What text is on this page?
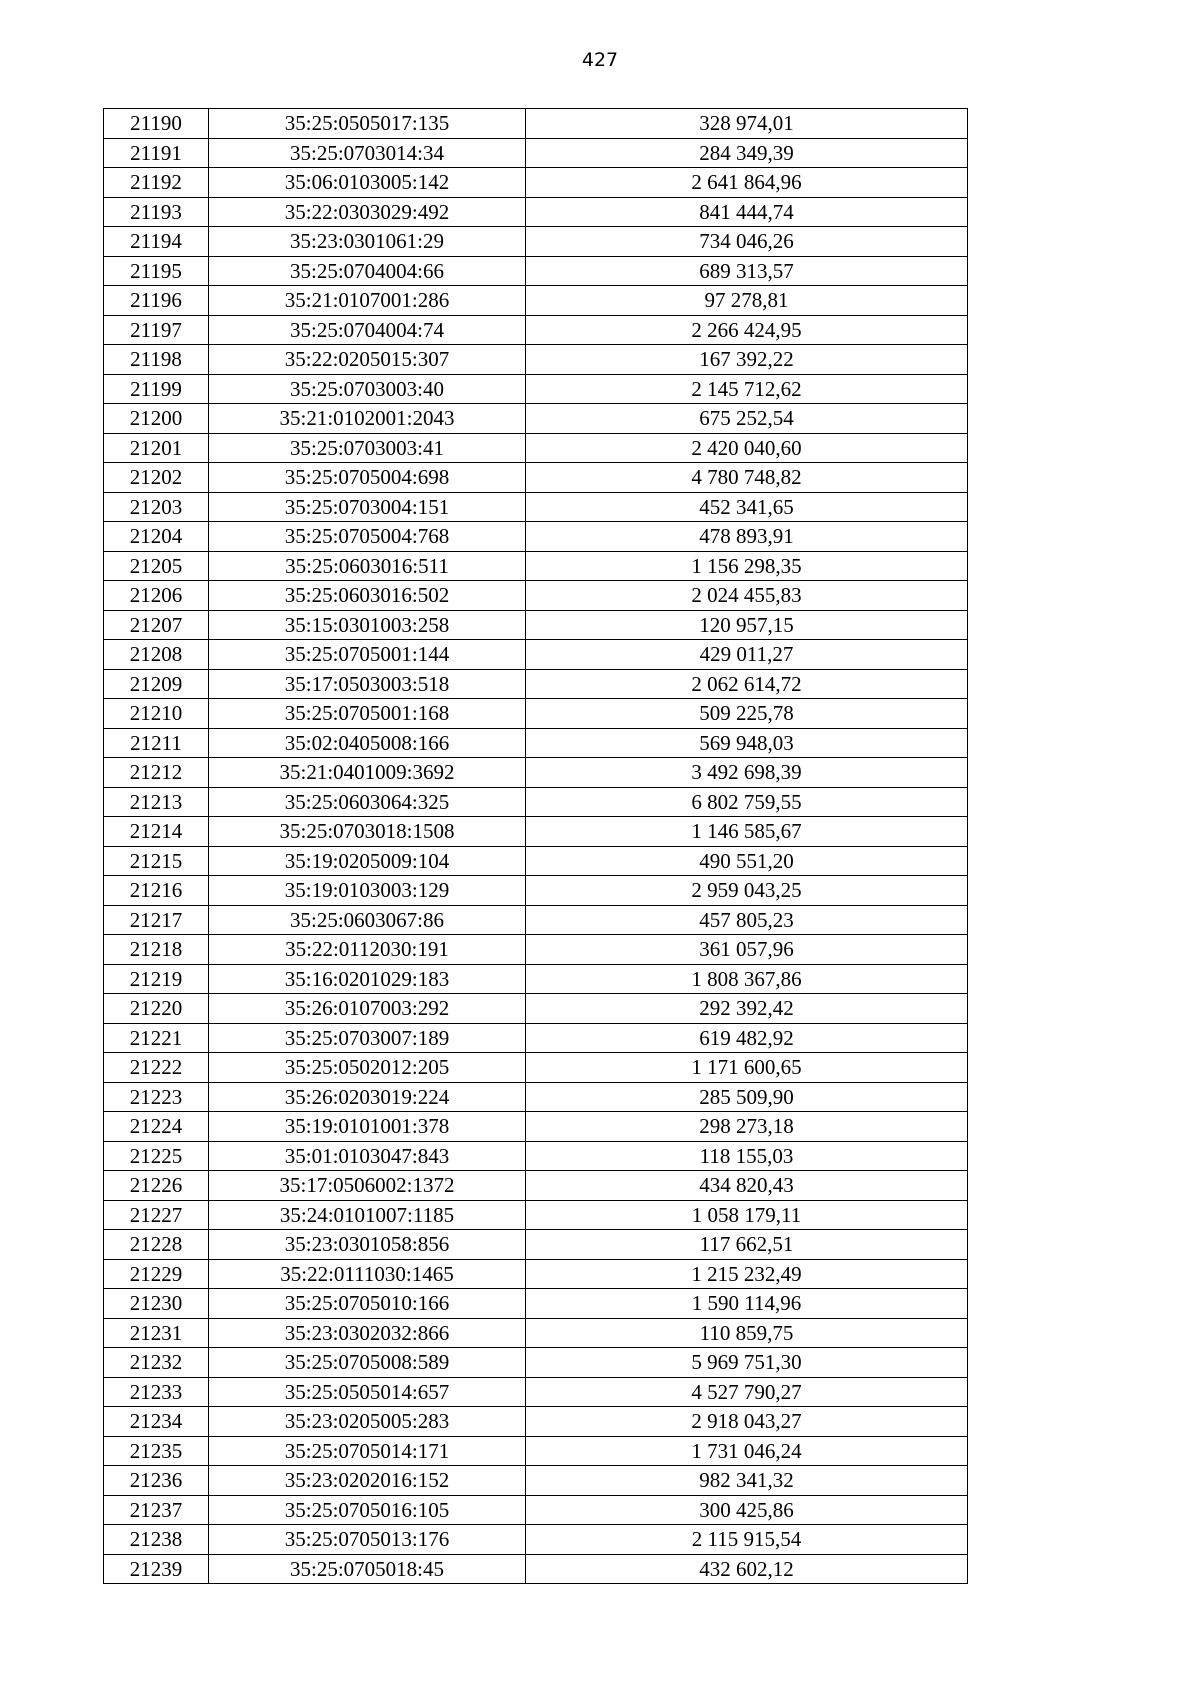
427
21190	35:25:0505017:135	328 974,01
21191	35:25:0703014:34	284 349,39
21192	35:06:0103005:142	2 641 864,96
21193	35:22:0303029:492	841 444,74
21194	35:23:0301061:29	734 046,26
21195	35:25:0704004:66	689 313,57
21196	35:21:0107001:286	97 278,81
21197	35:25:0704004:74	2 266 424,95
21198	35:22:0205015:307	167 392,22
21199	35:25:0703003:40	2 145 712,62
21200	35:21:0102001:2043	675 252,54
21201	35:25:0703003:41	2 420 040,60
21202	35:25:0705004:698	4 780 748,82
21203	35:25:0703004:151	452 341,65
21204	35:25:0705004:768	478 893,91
21205	35:25:0603016:511	1 156 298,35
21206	35:25:0603016:502	2 024 455,83
21207	35:15:0301003:258	120 957,15
21208	35:25:0705001:144	429 011,27
21209	35:17:0503003:518	2 062 614,72
21210	35:25:0705001:168	509 225,78
21211	35:02:0405008:166	569 948,03
21212	35:21:0401009:3692	3 492 698,39
21213	35:25:0603064:325	6 802 759,55
21214	35:25:0703018:1508	1 146 585,67
21215	35:19:0205009:104	490 551,20
21216	35:19:0103003:129	2 959 043,25
21217	35:25:0603067:86	457 805,23
21218	35:22:0112030:191	361 057,96
21219	35:16:0201029:183	1 808 367,86
21220	35:26:0107003:292	292 392,42
21221	35:25:0703007:189	619 482,92
21222	35:25:0502012:205	1 171 600,65
21223	35:26:0203019:224	285 509,90
21224	35:19:0101001:378	298 273,18
21225	35:01:0103047:843	118 155,03
21226	35:17:0506002:1372	434 820,43
21227	35:24:0101007:1185	1 058 179,11
21228	35:23:0301058:856	117 662,51
21229	35:22:0111030:1465	1 215 232,49
21230	35:25:0705010:166	1 590 114,96
21231	35:23:0302032:866	110 859,75
21232	35:25:0705008:589	5 969 751,30
21233	35:25:0505014:657	4 527 790,27
21234	35:23:0205005:283	2 918 043,27
21235	35:25:0705014:171	1 731 046,24
21236	35:23:0202016:152	982 341,32
21237	35:25:0705016:105	300 425,86
21238	35:25:0705013:176	2 115 915,54
21239	35:25:0705018:45	432 602,12
